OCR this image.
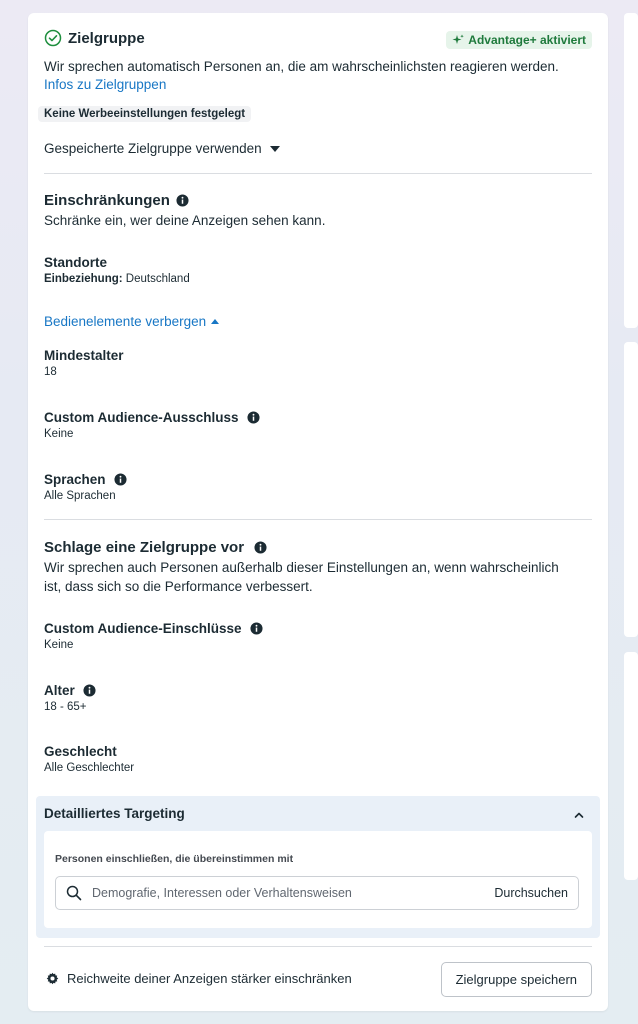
Zielgruppe	Advantage+ aktiviert
Wir sprechen automatisch Personen an, die am wahrscheinlichsten reagieren werden.
Infos zu Zielgruppen
Keine Werbeeinstellungen festgelegt
Gespeicherte Zielgruppe verwenden
Einschränkungen
Schränke ein, wer deine Anzeigen sehen kann.
Standorte
Einbeziehung: Deutschland
Bedienelemente verbergen
Mindestalter
18
Custom Audience-Ausschluss
Keine
Sprachen
Alle Sprachen
Schlage eine Zielgruppe vor
Wir sprechen auch Personen außerhalb dieser Einstellungen an, wenn wahrscheinlich
ist, dass sich so die Performance verbessert.
Custom Audience-Einschlüsse
Keine
Alter
18 - 65+
Geschlecht
Alle Geschlechter
Detailliertes Targeting
Personen einschließen, die übereinstimmen mit
Demografie, Interessen oder Verhaltensweisen
Durchsuchen
Reichweite deiner Anzeigen stärker einschränken	Zielgruppe speichern
